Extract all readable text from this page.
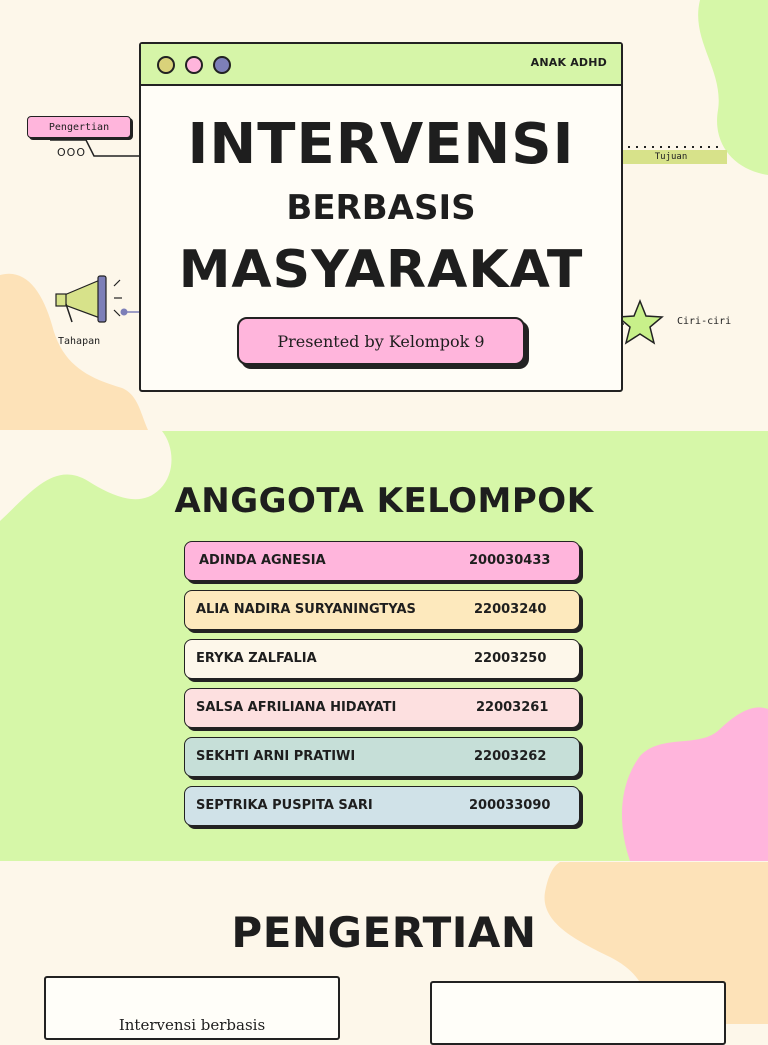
Pengertian
OOO	Tujuan
Ciri-ciri
Tahapan
ANAK ADHD
INTERVENSI
BERBASIS
MASYARAKAT
Presented by Kelompok 9
ANGGOTA KELOMPOK
ADINDA AGNESIA	200030433
ALIA NADIRA SURYANINGTYAS	22003240
ERYKA ZALFALIA	22003250
SALSA AFRILIANA HIDAYATI	22003261
SEKHTI ARNI PRATIWI	22003262
SEPTRIKA PUSPITA SARI	200033090
PENGERTIAN
Intervensi berbasis
